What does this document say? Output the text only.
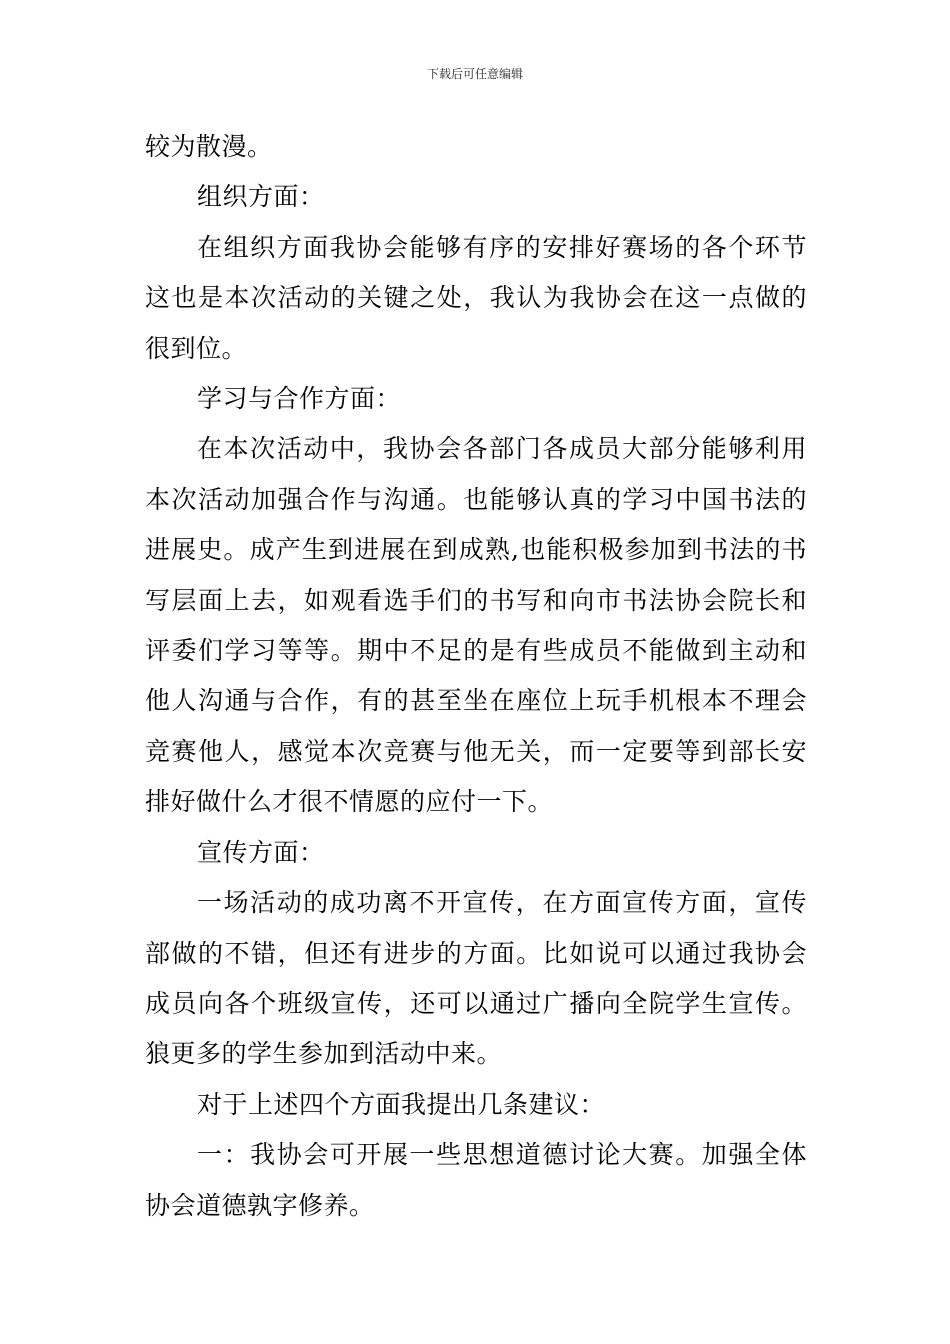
下载后可任意编辑

较为散漫。

组织方面：

在组织方面我协会能够有序的安排好赛场的各个环节这也是本次活动的关键之处，我认为我协会在这一点做的很到位。

学习与合作方面：

在本次活动中，我协会各部门各成员大部分能够利用本次活动加强合作与沟通。也能够认真的学习中国书法的进展史。成产生到进展在到成熟,也能积极参加到书法的书写层面上去，如观看选手们的书写和向市书法协会院长和评委们学习等等。期中不足的是有些成员不能做到主动和他人沟通与合作，有的甚至坐在座位上玩手机根本不理会竞赛他人，感觉本次竞赛与他无关，而一定要等到部长安排好做什么才很不情愿的应付一下。

宣传方面：

一场活动的成功离不开宣传，在方面宣传方面，宣传部做的不错，但还有进步的方面。比如说可以通过我协会成员向各个班级宣传，还可以通过广播向全院学生宣传。狼更多的学生参加到活动中来。

对于上述四个方面我提出几条建议：

一：我协会可开展一些思想道德讨论大赛。加强全体协会道德孰字修养。
